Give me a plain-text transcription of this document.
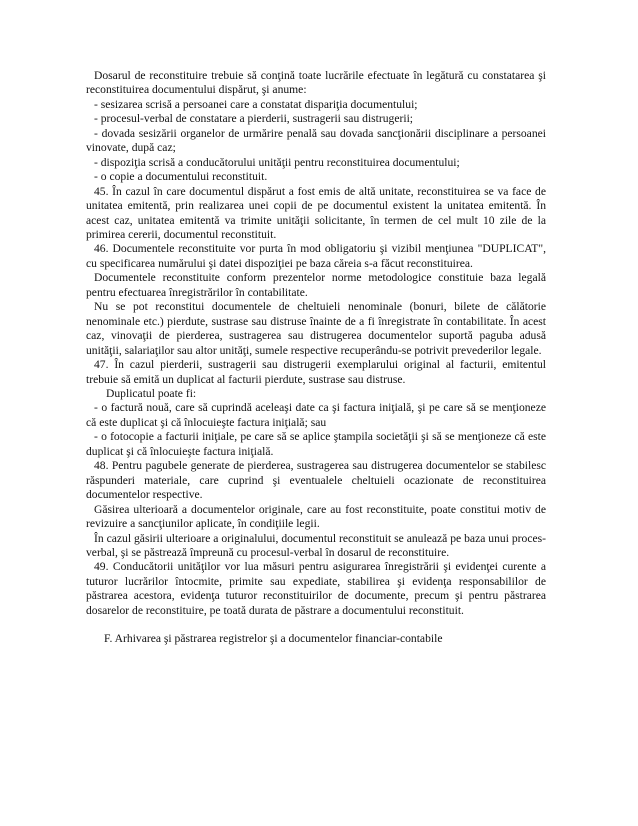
Dosarul de reconstituire trebuie să conţină toate lucrările efectuate în legătură cu constatarea şi reconstituirea documentului dispărut, şi anume:

- sesizarea scrisă a persoanei care a constatat dispariţia documentului;

- procesul-verbal de constatare a pierderii, sustragerii sau distrugerii;

- dovada sesizării organelor de urmărire penală sau dovada sancţionării disciplinare a persoanei vinovate, după caz;

- dispoziţia scrisă a conducătorului unităţii pentru reconstituirea documentului;

- o copie a documentului reconstituit.

45. În cazul în care documentul dispărut a fost emis de altă unitate, reconstituirea se va face de unitatea emitentă, prin realizarea unei copii de pe documentul existent la unitatea emitentă. În acest caz, unitatea emitentă va trimite unităţii solicitante, în termen de cel mult 10 zile de la primirea cererii, documentul reconstituit.

46. Documentele reconstituite vor purta în mod obligatoriu şi vizibil menţiunea "DUPLICAT", cu specificarea numărului şi datei dispoziţiei pe baza căreia s-a făcut reconstituirea.

Documentele reconstituite conform prezentelor norme metodologice constituie baza legală pentru efectuarea înregistrărilor în contabilitate.

Nu se pot reconstitui documentele de cheltuieli nenominale (bonuri, bilete de călătorie nenominale etc.) pierdute, sustrase sau distruse înainte de a fi înregistrate în contabilitate. În acest caz, vinovaţii de pierderea, sustragerea sau distrugerea documentelor suportă paguba adusă unităţii, salariaţilor sau altor unităţi, sumele respective recuperându-se potrivit prevederilor legale.

47. În cazul pierderii, sustragerii sau distrugerii exemplarului original al facturii, emitentul trebuie să emită un duplicat al facturii pierdute, sustrase sau distruse.

Duplicatul poate fi:

- o factură nouă, care să cuprindă aceleaşi date ca şi factura iniţială, şi pe care să se menţioneze că este duplicat şi că înlocuieşte factura iniţială; sau

- o fotocopie a facturii iniţiale, pe care să se aplice ştampila societăţii şi să se menţioneze că este duplicat şi că înlocuieşte factura iniţială.

48. Pentru pagubele generate de pierderea, sustragerea sau distrugerea documentelor se stabilesc răspunderi materiale, care cuprind şi eventualele cheltuieli ocazionate de reconstituirea documentelor respective.

Găsirea ulterioară a documentelor originale, care au fost reconstituite, poate constitui motiv de revizuire a sancţiunilor aplicate, în condiţiile legii.

În cazul găsirii ulterioare a originalului, documentul reconstituit se anulează pe baza unui proces-verbal, şi se păstrează împreună cu procesul-verbal în dosarul de reconstituire.

49. Conducătorii unităţilor vor lua măsuri pentru asigurarea înregistrării şi evidenţei curente a tuturor lucrărilor întocmite, primite sau expediate, stabilirea şi evidenţa responsabililor de păstrarea acestora, evidenţa tuturor reconstituirilor de documente, precum şi pentru păstrarea dosarelor de reconstituire, pe toată durata de păstrare a documentului reconstituit.

F. Arhivarea şi păstrarea registrelor şi a documentelor financiar-contabile
